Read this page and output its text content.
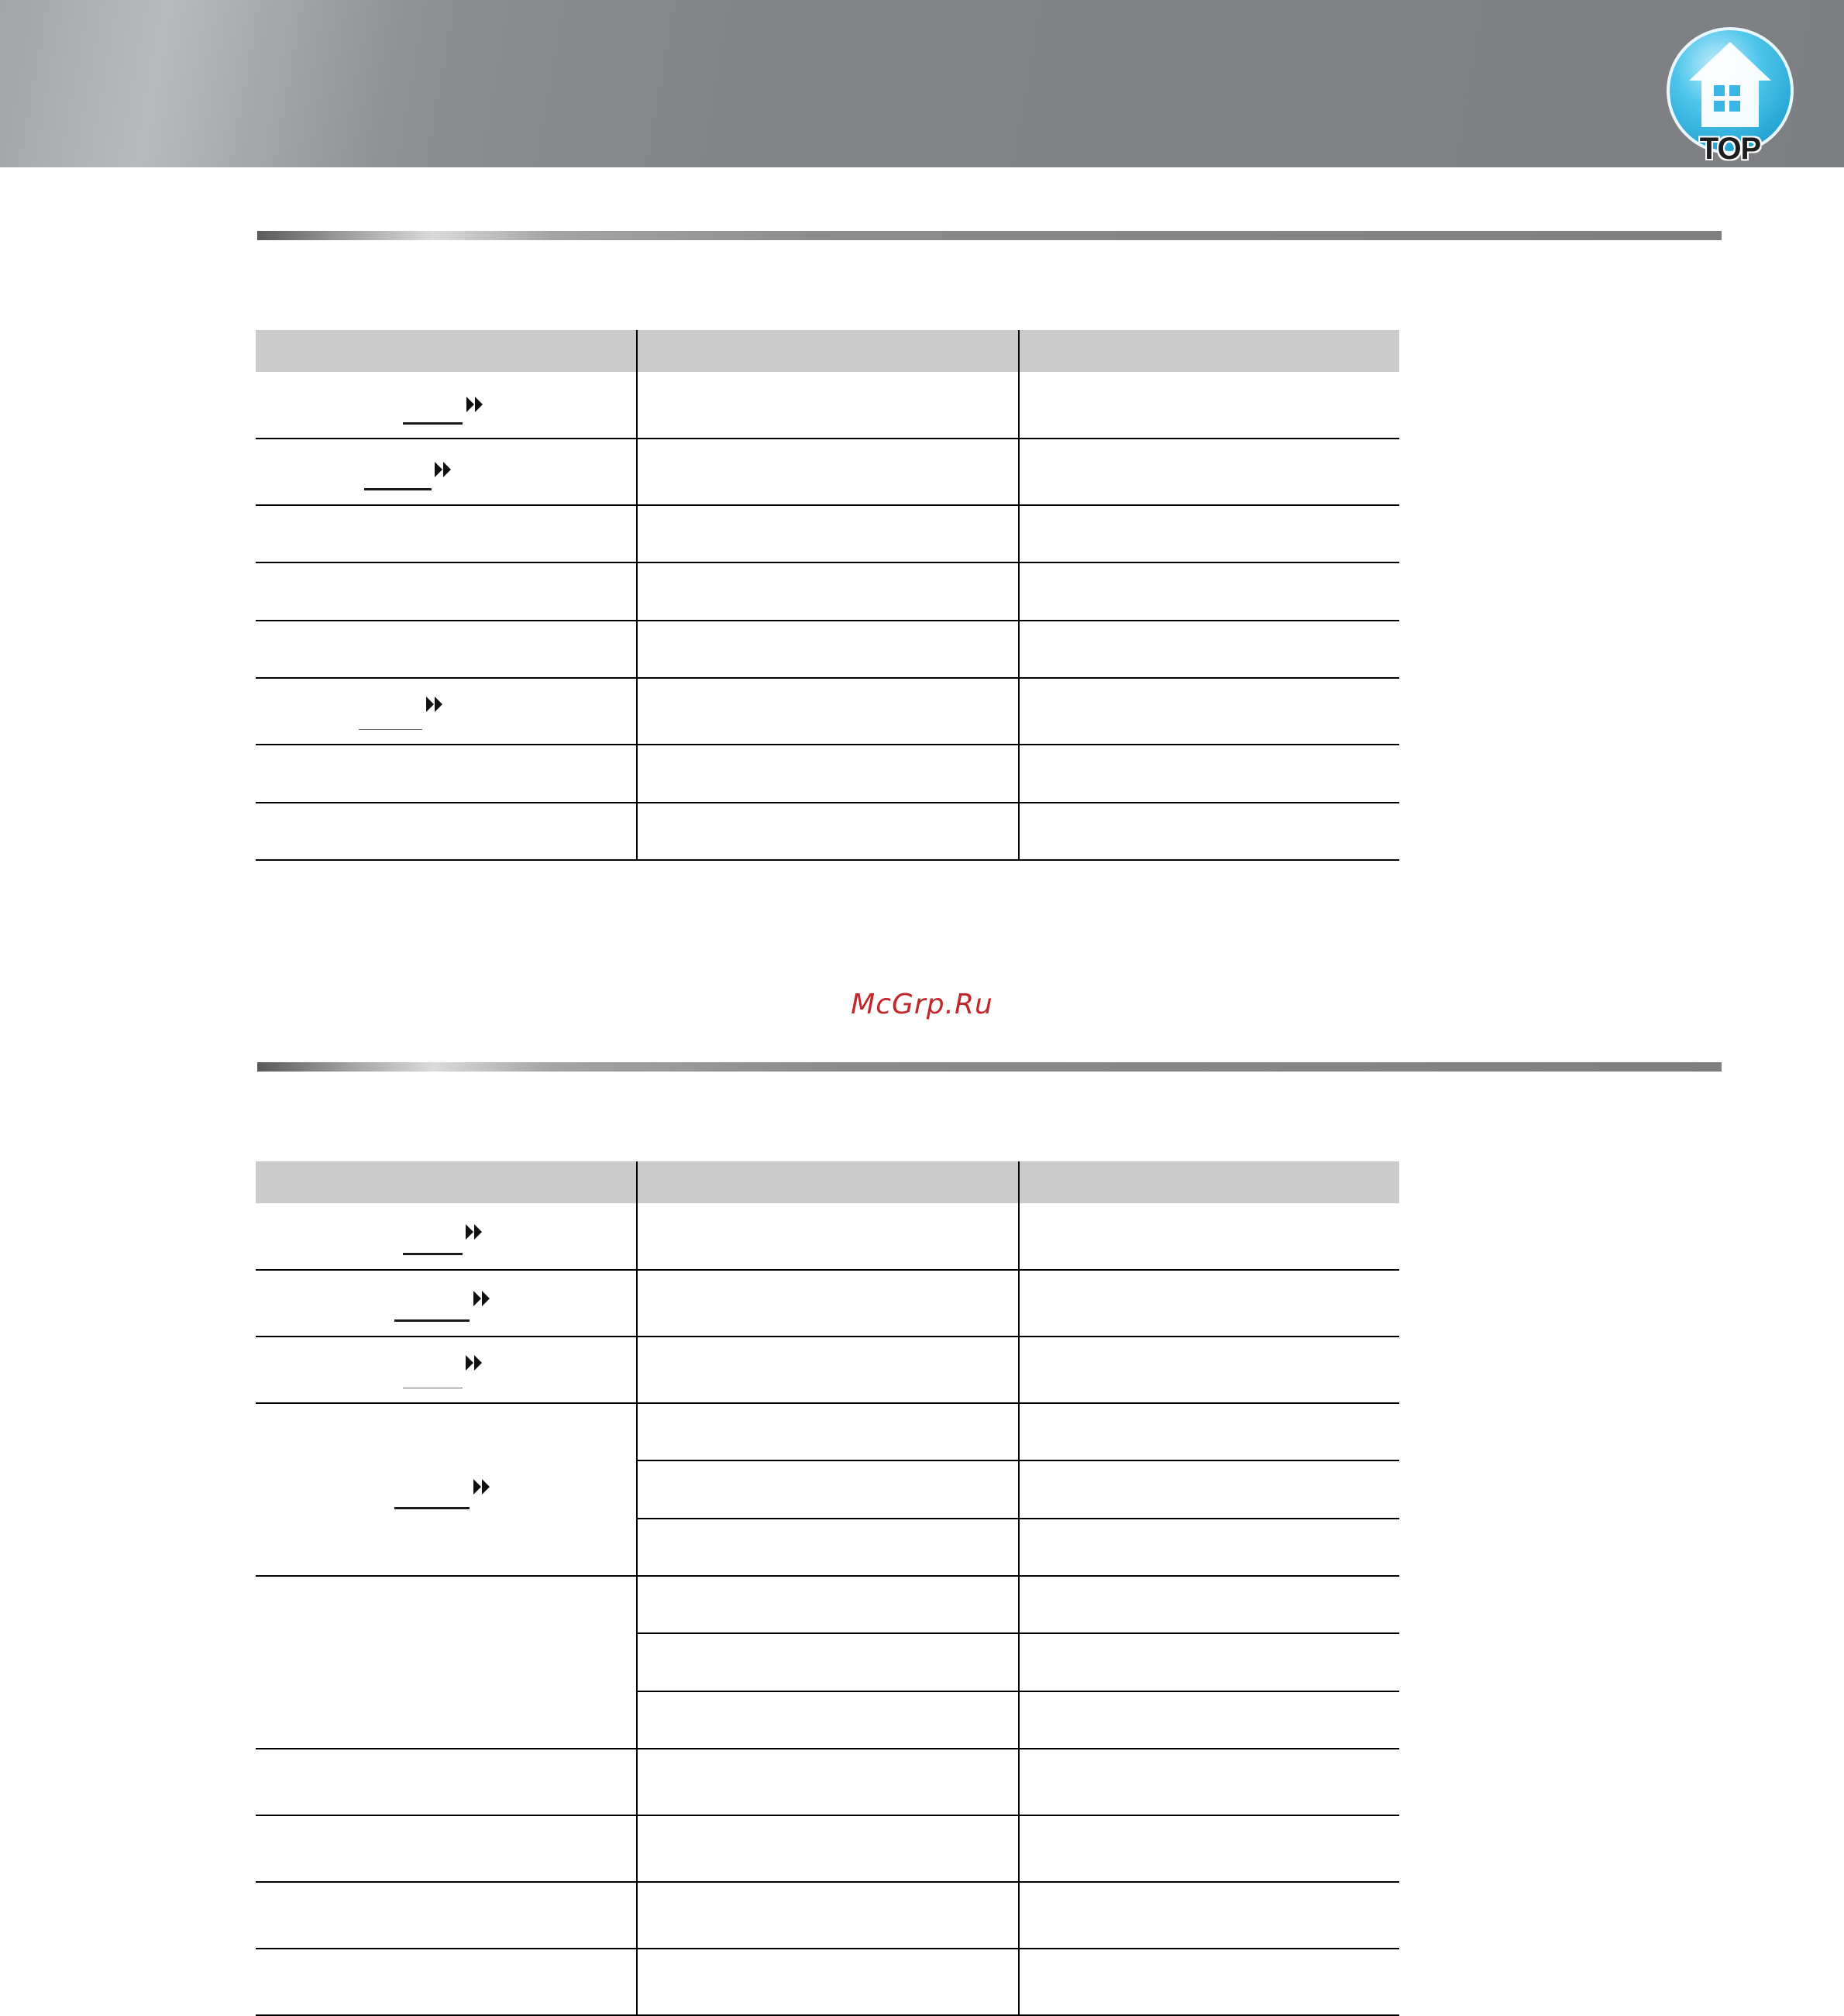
TOP
McGrp.Ru
